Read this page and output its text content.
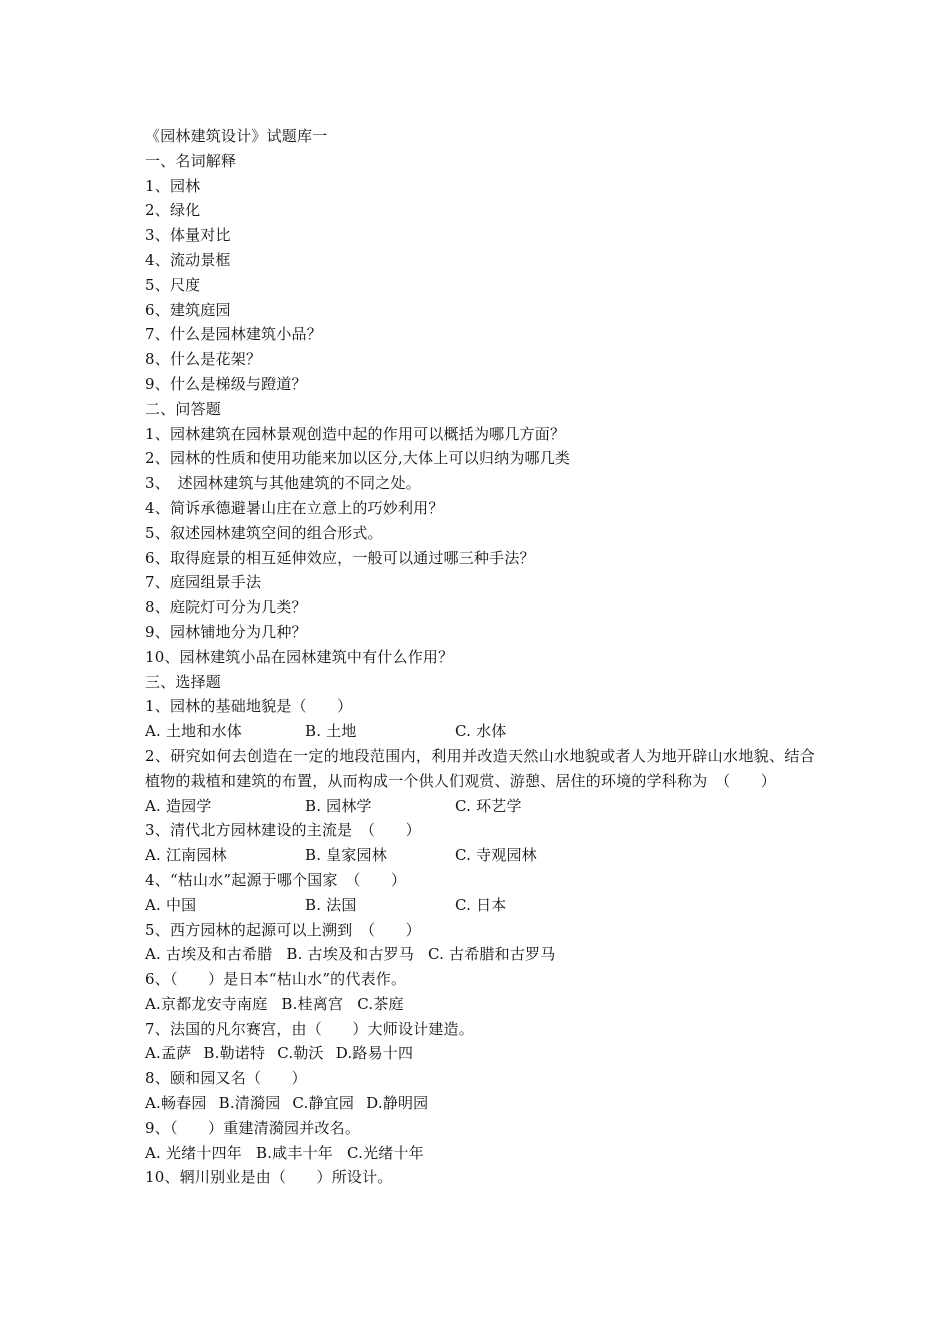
《园林建筑设计》试题库一
一、名词解释
1、园林
2、绿化
3、体量对比
4、流动景框
5、尺度
6、建筑庭园
7、什么是园林建筑小品？
8、什么是花架？
9、什么是梯级与蹬道？
二、问答题
1、园林建筑在园林景观创造中起的作用可以概括为哪几方面？
2、园林的性质和使用功能来加以区分,大体上可以归纳为哪几类
3、　述园林建筑与其他建筑的不同之处。
4、简诉承德避暑山庄在立意上的巧妙利用？
5、叙述园林建筑空间的组合形式。
6、取得庭景的相互延伸效应，一般可以通过哪三种手法？
7、庭园组景手法
8、庭院灯可分为几类？
9、园林铺地分为几种？
10、园林建筑小品在园林建筑中有什么作用？
三、选择题
1、园林的基础地貌是（　　）
A. 土地和水体	B. 土地	C. 水体
2、研究如何去创造在一定的地段范围内，利用并改造天然山水地貌或者人为地开辟山水地貌、结合植物的栽植和建筑的布置，从而构成一个供人们观赏、游憩、居住的环境的学科称为　（　　）
A. 造园学	B. 园林学	C. 环艺学
3、清代北方园林建设的主流是　（　　）
A. 江南园林	B. 皇家园林	C. 寺观园林
4、“枯山水”起源于哪个国家　（　　）
A. 中国	B. 法国	C. 日本
5、西方园林的起源可以上溯到　（　　）
A. 古埃及和古希腊 B. 古埃及和古罗马 C. 古希腊和古罗马
6、（　　）是日本“枯山水”的代表作。
A.京都龙安寺南庭 B.桂离宫 C.茶庭
7、法国的凡尔赛宫，由（　　）大师设计建造。
A.孟萨 B.勒诺特 C.勒沃 D.路易十四
8、颐和园又名（　　）
A.畅春园 B.清漪园 C.静宜园 D.静明园
9、（　　）重建清漪园并改名。
A. 光绪十四年 B.咸丰十年 C.光绪十年
10、辋川别业是由（　　）所设计。
